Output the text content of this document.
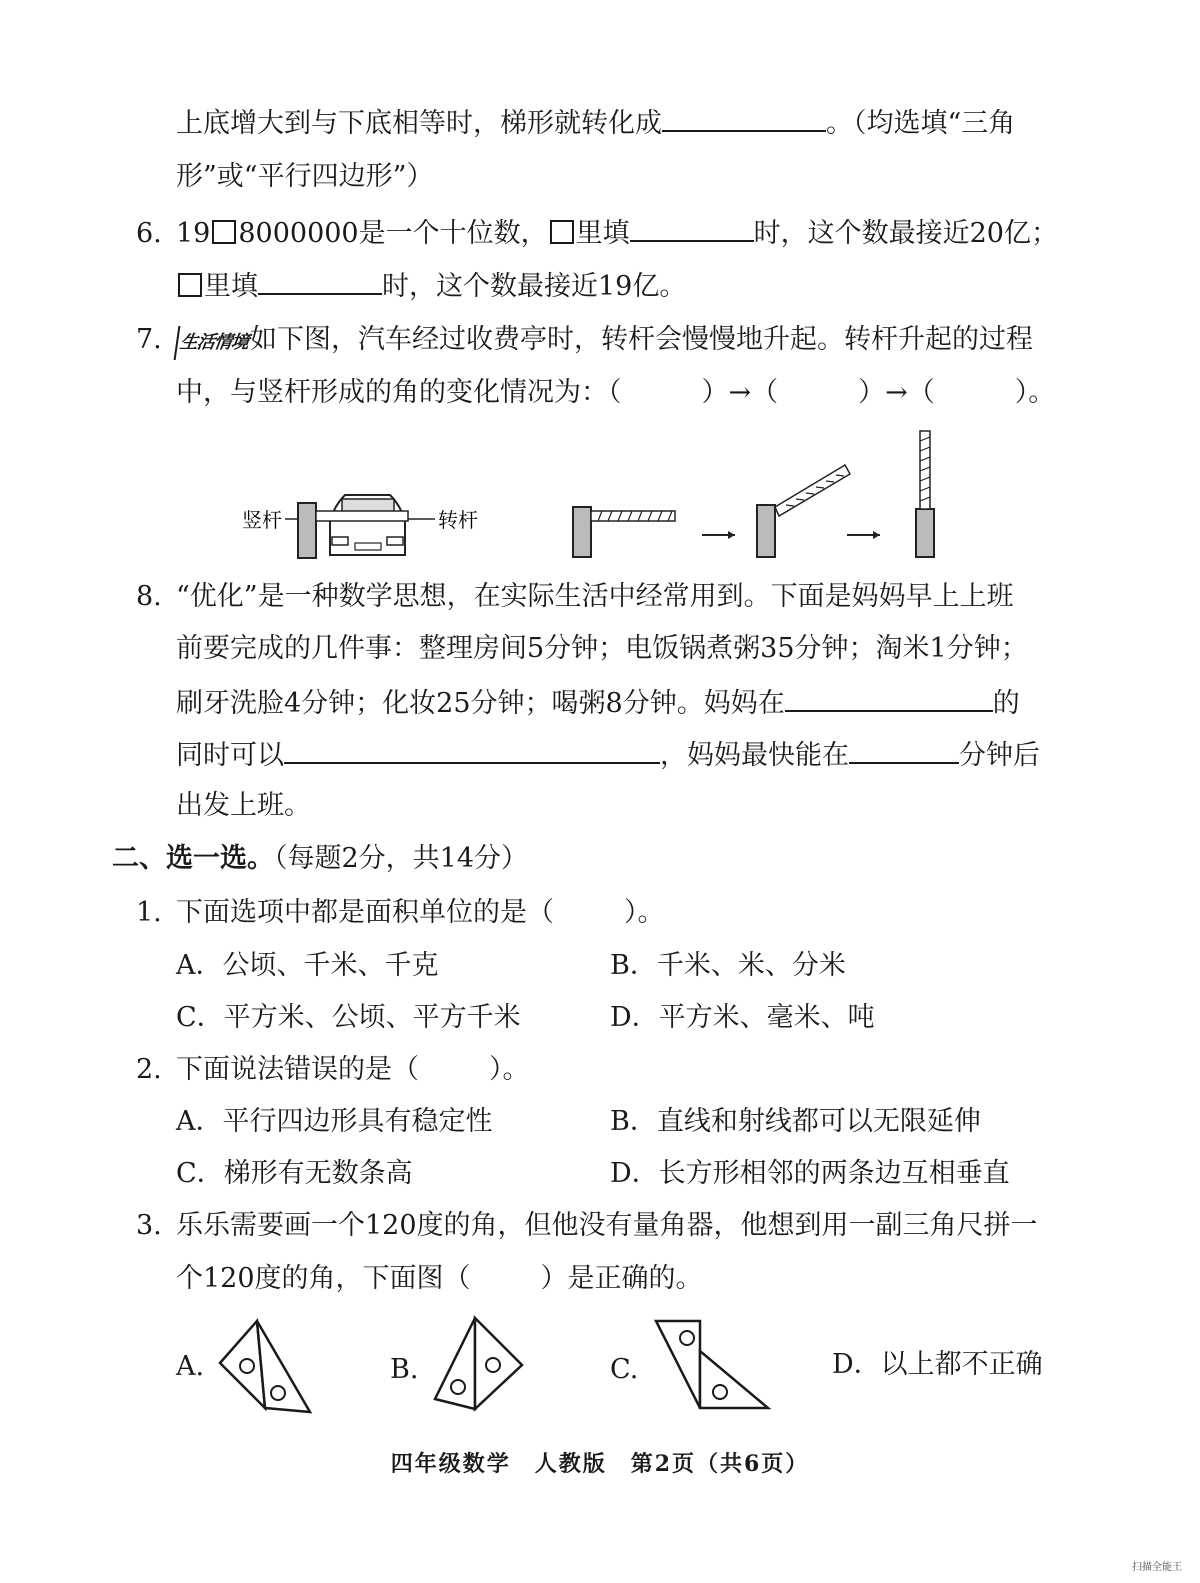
上底增大到与下底相等时，梯形就转化成	。（均选填“三角
形”或“平行四边形”）
6. 19 8000000是一个十位数， 里填	时，这个数最接近20亿；
里填	时，这个数最接近19亿。
7. 生活情境如下图，汽车经过收费亭时，转杆会慢慢地升起。转杆升起的过程
中，与竖杆形成的角的变化情况为：（	）→（	）→（	）。
竖杆	转杆
8. “优化”是一种数学思想，在实际生活中经常用到。下面是妈妈早上上班
前要完成的几件事：整理房间5分钟；电饭锅煮粥35分钟；淘米1分钟；
刷牙洗脸4分钟；化妆25分钟；喝粥8分钟。妈妈在	的
同时可以	，妈妈最快能在	分钟后
出发上班。
二、选一选。（每题2分，共14分）
1. 下面选项中都是面积单位的是（	）。
A．公顷、千米、千克	B．千米、米、分米
C．平方米、公顷、平方千米	D．平方米、毫米、吨
2. 下面说法错误的是（	）。
A．平行四边形具有稳定性	B．直线和射线都可以无限延伸
C．梯形有无数条高	D．长方形相邻的两条边互相垂直
3. 乐乐需要画一个120度的角，但他没有量角器，他想到用一副三角尺拼一
个120度的角，下面图（	）是正确的。
A.	B.	C.	D．以上都不正确
四年级数学　人教版　第2页（共6页）
扫描全能王
